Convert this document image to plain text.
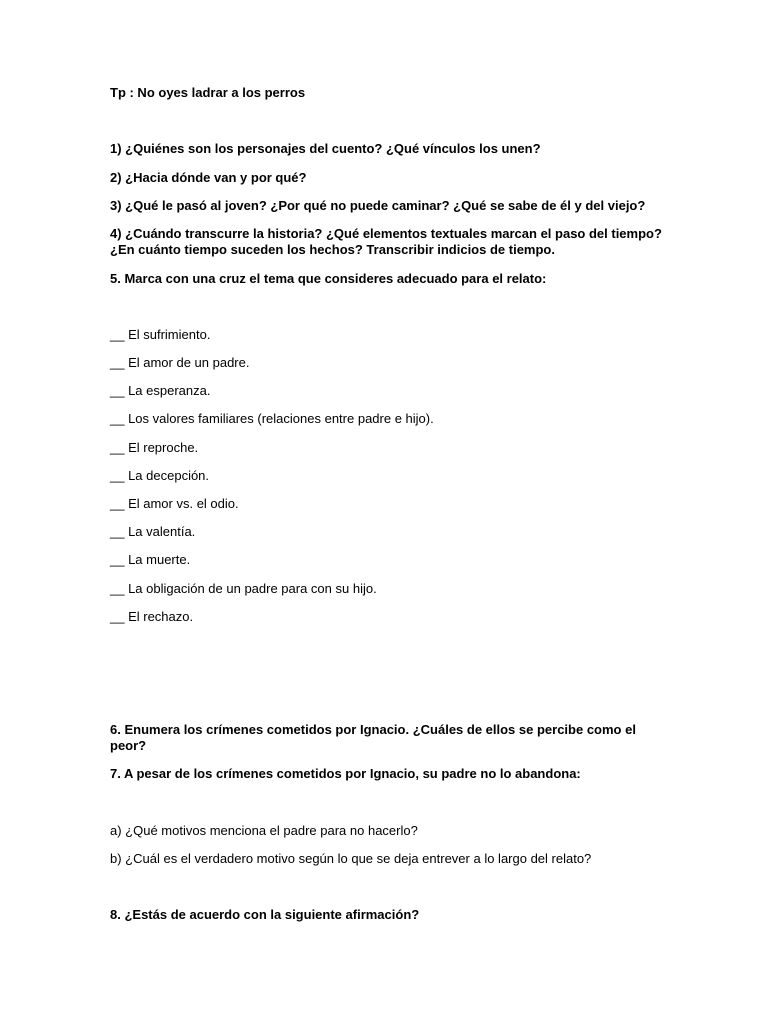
Tp : No oyes ladrar a los perros
1) ¿Quiénes son los personajes del cuento? ¿Qué vínculos los unen?
2) ¿Hacia dónde van y por qué?
3) ¿Qué le pasó al joven? ¿Por qué no puede caminar? ¿Qué se sabe de él y del viejo?
4) ¿Cuándo transcurre la historia? ¿Qué elementos textuales marcan el paso del tiempo?
¿En cuánto tiempo suceden los hechos? Transcribir indicios de tiempo.
5. Marca con una cruz el tema que consideres adecuado para el relato:
__ El sufrimiento.
__ El amor de un padre.
__ La esperanza.
__ Los valores familiares (relaciones entre padre e hijo).
__ El reproche.
__ La decepción.
__ El amor vs. el odio.
__ La valentía.
__ La muerte.
__ La obligación de un padre para con su hijo.
__ El rechazo.
6. Enumera los crímenes cometidos por Ignacio. ¿Cuáles de ellos se percibe como el
peor?
7. A pesar de los crímenes cometidos por Ignacio, su padre no lo abandona:
a) ¿Qué motivos menciona el padre para no hacerlo?
b) ¿Cuál es el verdadero motivo según lo que se deja entrever a lo largo del relato?
8. ¿Estás de acuerdo con la siguiente afirmación?
